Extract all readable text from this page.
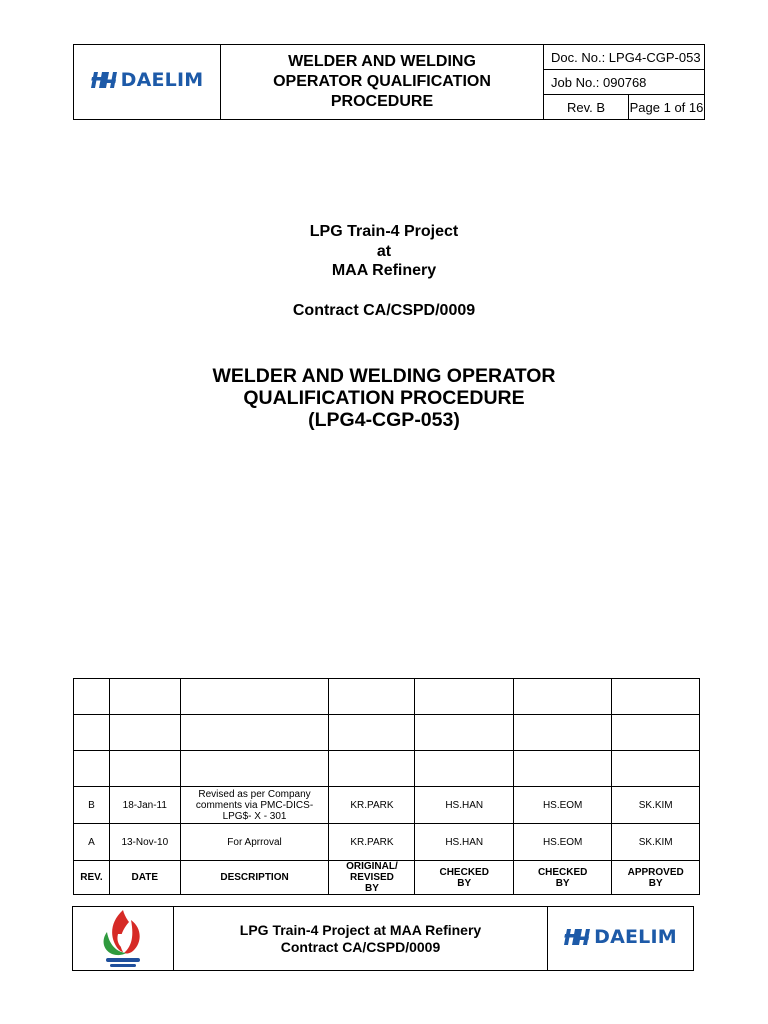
DAELIM	WELDER AND WELDING
OPERATOR QUALIFICATION
PROCEDURE	Doc. No.: LPG4-CGP-053	
		Job No.: 090768	
		Rev. B	Page 1 of 16
LPG Train-4 Project
at
MAA Refinery
Contract CA/CSPD/0009
WELDER AND WELDING OPERATOR
QUALIFICATION PROCEDURE
(LPG4-CGP-053)

B	18-Jan-11	Revised as per Company comments via PMC-DICS-LPG$- X - 301	KR.PARK	HS.HAN	HS.EOM	SK.KIM
A	13-Nov-10	For Aprroval	KR.PARK	HS.HAN	HS.EOM	SK.KIM
REV.	DATE	DESCRIPTION	ORIGINAL/ REVISED BY	CHECKED BY	CHECKED BY	APPROVED BY

LPG Train-4 Project at MAA Refinery
Contract CA/CSPD/0009	DAELIM
